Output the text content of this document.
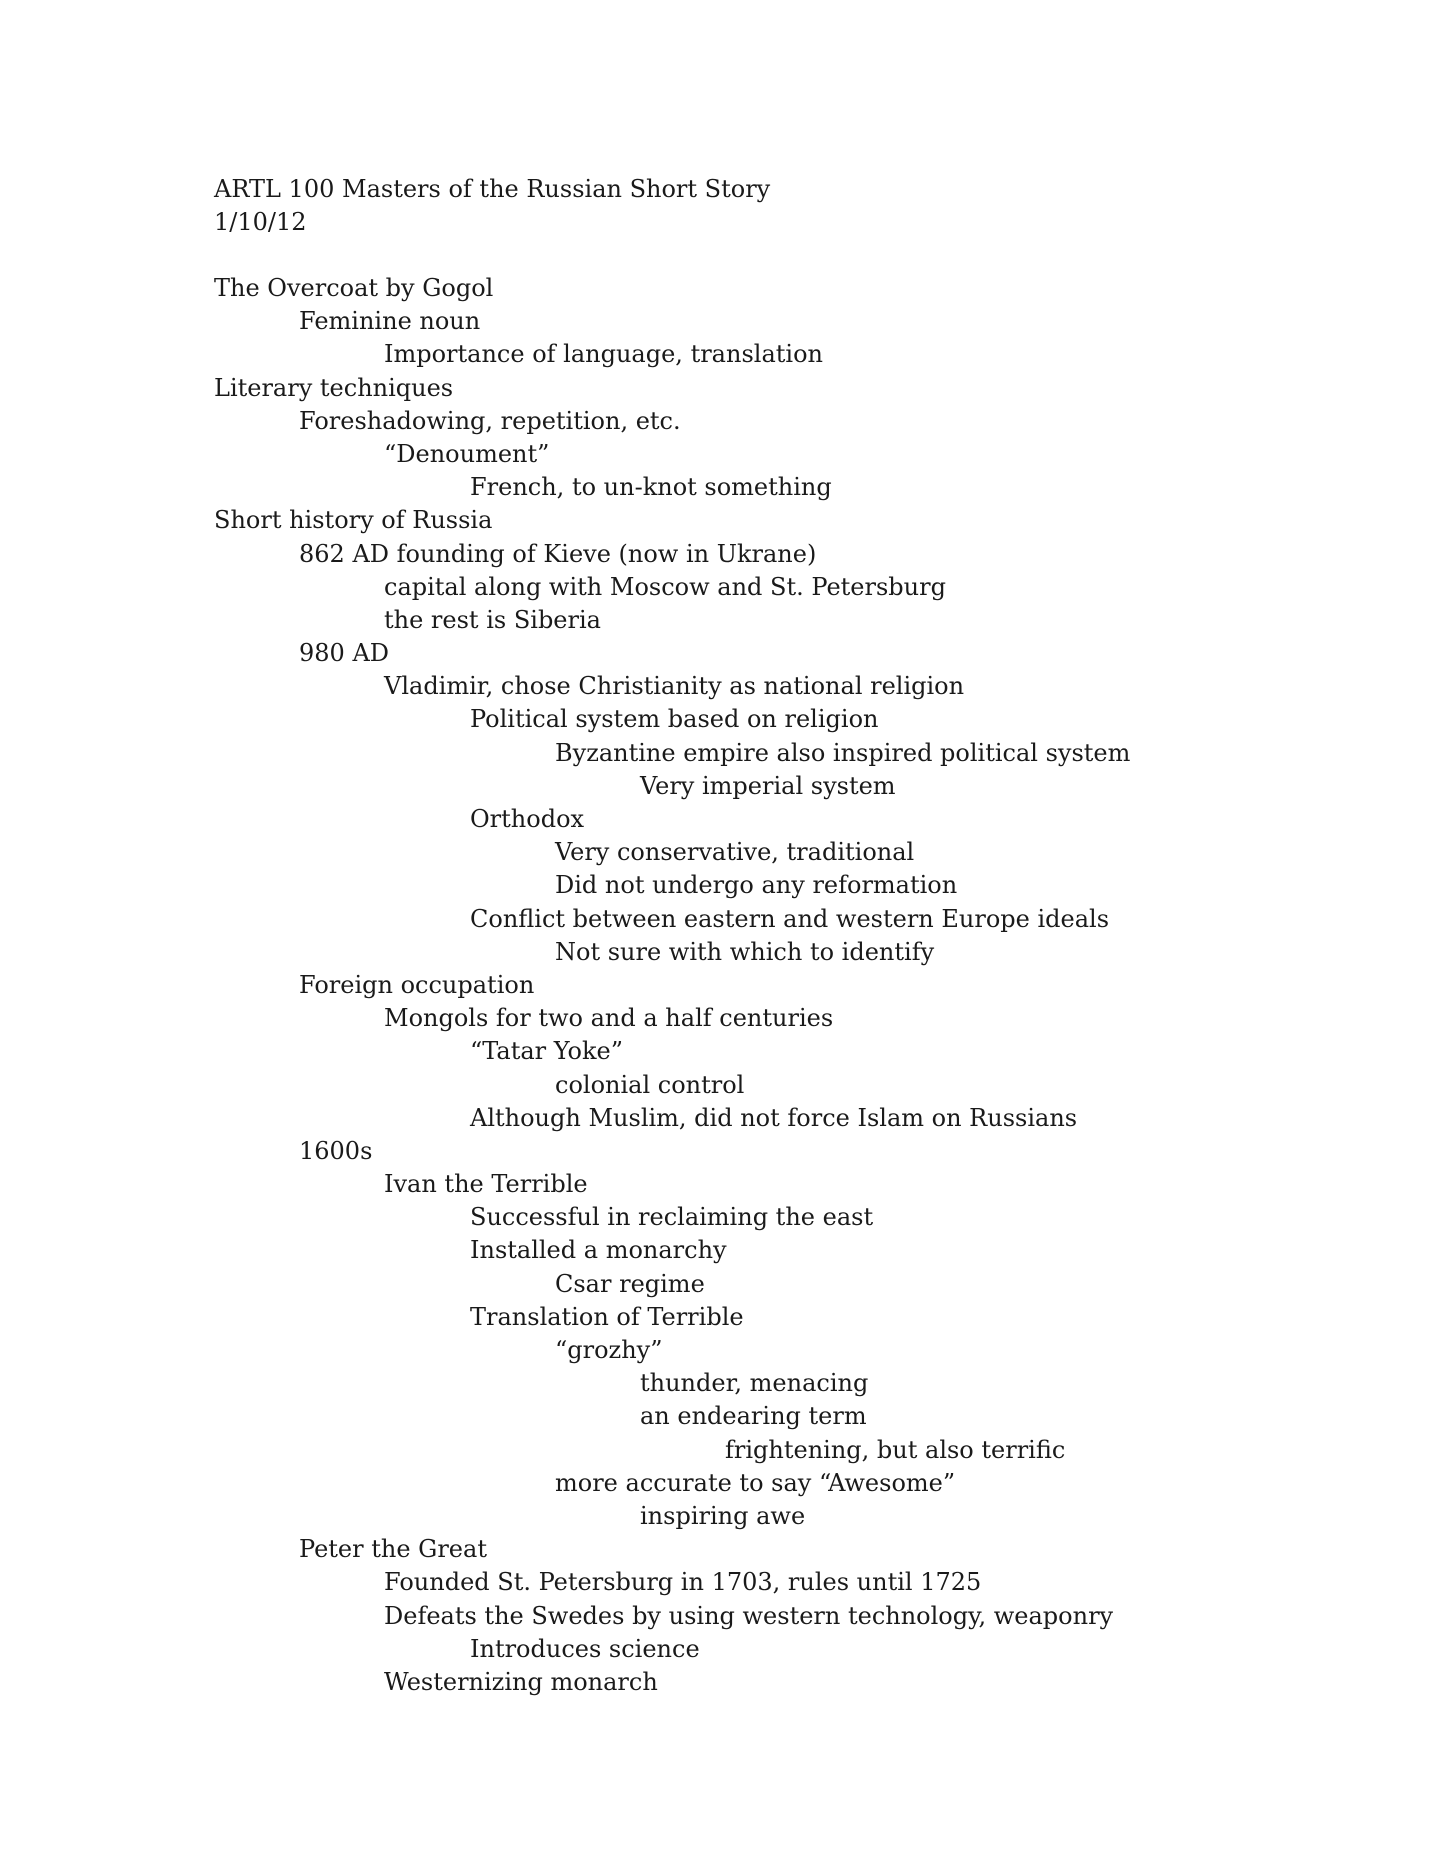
ARTL 100 Masters of the Russian Short Story
1/10/12
The Overcoat by Gogol
Feminine noun
Importance of language, translation
Literary techniques
Foreshadowing, repetition, etc.
“Denoument”
French, to un-knot something
Short history of Russia
862 AD founding of Kieve (now in Ukrane)
capital along with Moscow and St. Petersburg
the rest is Siberia
980 AD
Vladimir, chose Christianity as national religion
Political system based on religion
Byzantine empire also inspired political system
Very imperial system
Orthodox
Very conservative, traditional
Did not undergo any reformation
Conflict between eastern and western Europe ideals
Not sure with which to identify
Foreign occupation
Mongols for two and a half centuries
“Tatar Yoke”
colonial control
Although Muslim, did not force Islam on Russians
1600s
Ivan the Terrible
Successful in reclaiming the east
Installed a monarchy
Csar regime
Translation of Terrible
“grozhy”
thunder, menacing
an endearing term
frightening, but also terrific
more accurate to say “Awesome”
inspiring awe
Peter the Great
Founded St. Petersburg in 1703, rules until 1725
Defeats the Swedes by using western technology, weaponry
Introduces science
Westernizing monarch
